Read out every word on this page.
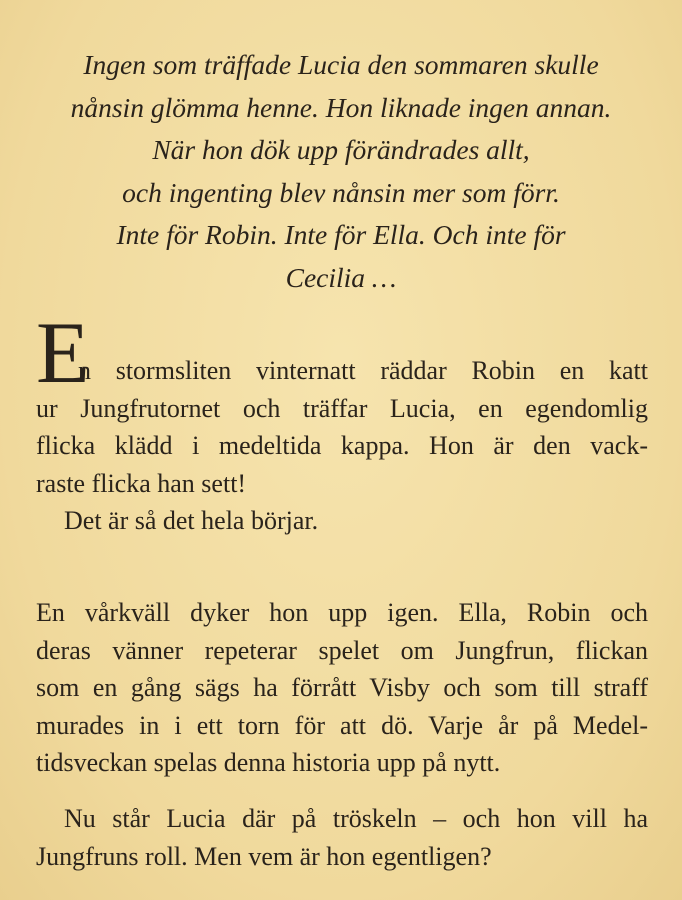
Ingen som träffade Lucia den sommaren skulle
nånsin glömma henne. Hon liknade ingen annan.
När hon dök upp förändrades allt,
och ingenting blev nånsin mer som förr.
Inte för Robin. Inte för Ella. Och inte för
Cecilia …
E
n stormsliten vinternatt räddar Robin en katt
ur Jungfrutornet och träffar Lucia, en egendomlig
flicka klädd i medeltida kappa. Hon är den vack-
raste flicka han sett!
Det är så det hela börjar.
En vårkväll dyker hon upp igen. Ella, Robin och
deras vänner repeterar spelet om Jungfrun, flickan
som en gång sägs ha förrått Visby och som till straff
murades in i ett torn för att dö. Varje år på Medel-
tidsveckan spelas denna historia upp på nytt.
Nu står Lucia där på tröskeln – och hon vill ha
Jungfruns roll. Men vem är hon egentligen?
